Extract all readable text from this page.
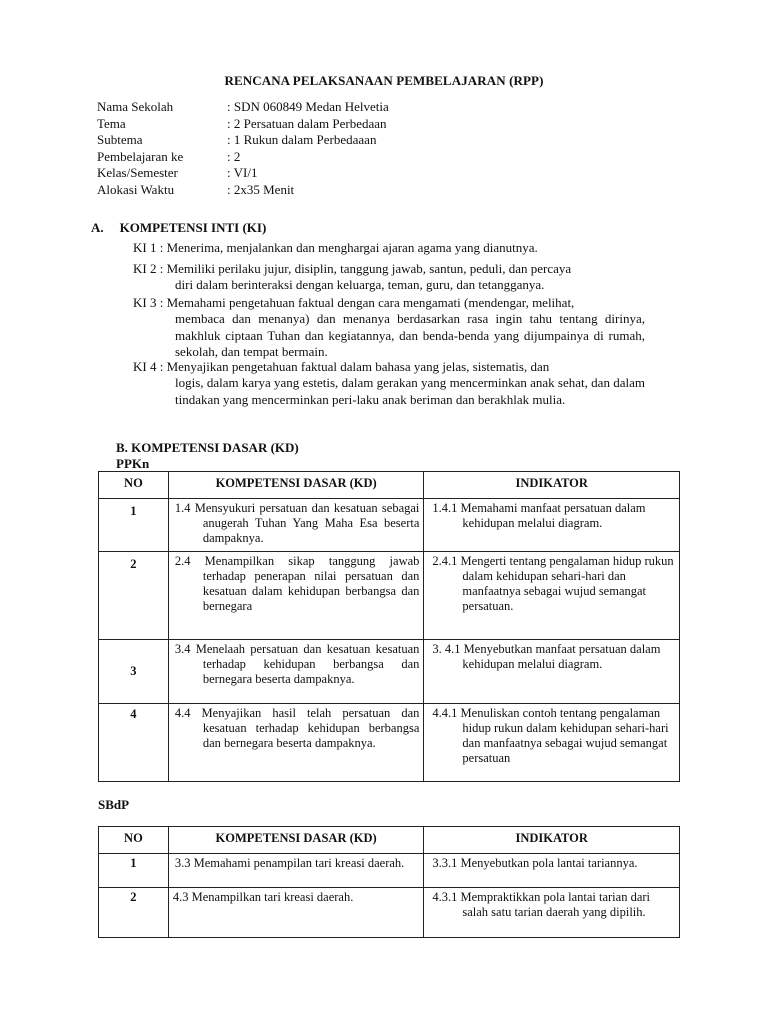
RENCANA PELAKSANAAN PEMBELAJARAN (RPP)
Nama Sekolah	: SDN 060849 Medan Helvetia
Tema	: 2 Persatuan dalam Perbedaan
Subtema	: 1 Rukun dalam Perbedaaan
Pembelajaran ke	: 2
Kelas/Semester	: VI/1
Alokasi Waktu	: 2x35 Menit
A. KOMPETENSI INTI (KI)
KI 1 : Menerima, menjalankan dan menghargai ajaran agama yang dianutnya.
KI 2 : Memiliki perilaku jujur, disiplin, tanggung jawab, santun, peduli, dan percaya
diri dalam berinteraksi dengan keluarga, teman, guru, dan tetangganya.
KI 3 : Memahami pengetahuan faktual dengan cara mengamati (mendengar, melihat,
membaca dan menanya) dan menanya berdasarkan rasa ingin tahu tentang dirinya, makhluk ciptaan Tuhan dan kegiatannya, dan benda-benda yang dijumpainya di rumah, sekolah, dan tempat bermain.
KI 4 : Menyajikan pengetahuan faktual dalam bahasa yang jelas, sistematis, dan
logis, dalam karya yang estetis, dalam gerakan yang mencerminkan anak sehat, dan dalam tindakan yang mencerminkan peri-laku anak beriman dan berakhlak mulia.
B. KOMPETENSI DASAR (KD)
PPKn
NO	KOMPETENSI DASAR (KD)	INDIKATOR
1	1.4 Mensyukuri persatuan dan kesatuan sebagai anugerah Tuhan Yang Maha Esa beserta dampaknya.	1.4.1 Memahami manfaat persatuan dalam kehidupan melalui diagram.

2	2.4 Menampilkan sikap tanggung jawab terhadap penerapan nilai persatuan dan kesatuan dalam kehidupan berbangsa dan bernegara	2.4.1 Mengerti tentang pengalaman hidup rukun dalam kehidupan sehari-hari dan manfaatnya sebagai wujud semangat persatuan.

3	3.4 Menelaah persatuan dan kesatuan kesatuan terhadap kehidupan berbangsa dan bernegara beserta dampaknya.	3. 4.1 Menyebutkan manfaat persatuan dalam kehidupan melalui diagram.

4	4.4 Menyajikan hasil telah persatuan dan kesatuan terhadap kehidupan berbangsa dan bernegara beserta dampaknya.	4.4.1 Menuliskan contoh tentang pengalaman hidup rukun dalam kehidupan sehari-hari dan manfaatnya sebagai wujud semangat persatuan
SBdP
NO	KOMPETENSI DASAR (KD)	INDIKATOR
1	3.3 Memahami penampilan tari kreasi daerah.	3.3.1 Menyebutkan pola lantai tariannya.

2	4.3 Menampilkan tari kreasi daerah.	4.3.1 Mempraktikkan pola lantai tarian dari salah satu tarian daerah yang dipilih.
